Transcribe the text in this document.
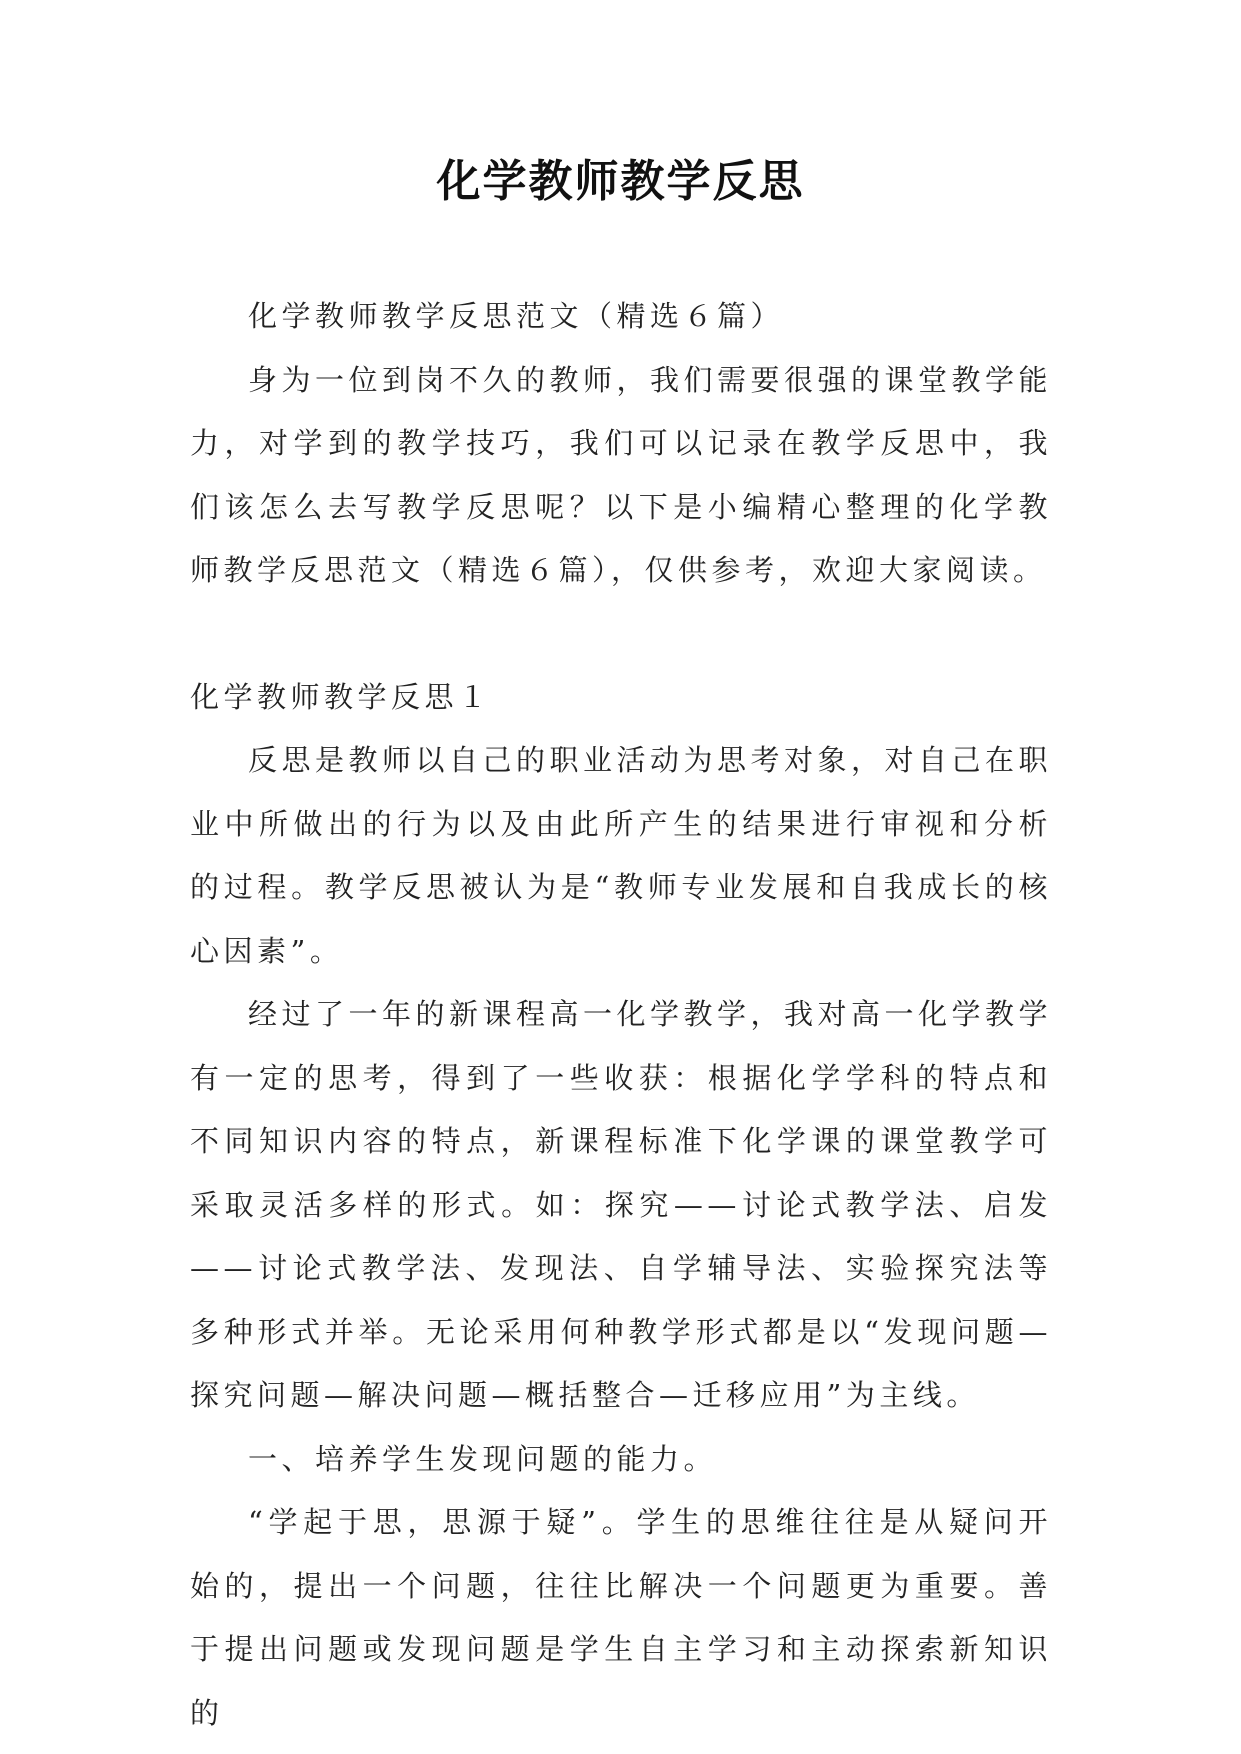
化学教师教学反思

化学教师教学反思范文（精选６篇）

身为一位到岗不久的教师，我们需要很强的课堂教学能力，对学到的教学技巧，我们可以记录在教学反思中，我们该怎么去写教学反思呢？以下是小编精心整理的化学教师教学反思范文（精选６篇），仅供参考，欢迎大家阅读。

化学教师教学反思１

反思是教师以自己的职业活动为思考对象，对自己在职业中所做出的行为以及由此所产生的结果进行审视和分析的过程。教学反思被认为是“教师专业发展和自我成长的核心因素”。

经过了一年的新课程高一化学教学，我对高一化学教学有一定的思考，得到了一些收获：根据化学学科的特点和不同知识内容的特点，新课程标准下化学课的课堂教学可采取灵活多样的形式。如：探究——讨论式教学法、启发——讨论式教学法、发现法、自学辅导法、实验探究法等多种形式并举。无论采用何种教学形式都是以“发现问题—探究问题—解决问题—概括整合—迁移应用”为主线。

一、培养学生发现问题的能力。

“学起于思，思源于疑”。学生的思维往往是从疑问开始的，提出一个问题，往往比解决一个问题更为重要。善于提出问题或发现问题是学生自主学习和主动探索新知识的
